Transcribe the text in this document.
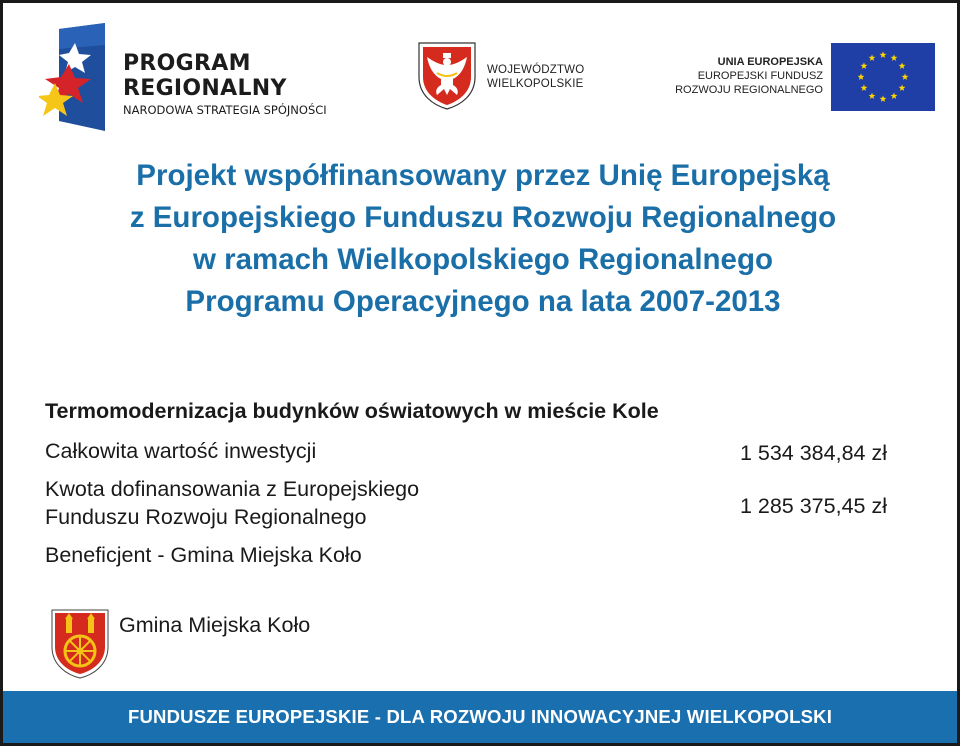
PROGRAM
REGIONALNY
NARODOWA STRATEGIA SPÓJNOŚCI
WOJEWÓDZTWO
WIELKOPOLSKIE
UNIA EUROPEJSKA
EUROPEJSKI FUNDUSZ
ROZWOJU REGIONALNEGO
Projekt współfinansowany przez Unię Europejską
z Europejskiego Funduszu Rozwoju Regionalnego
w ramach Wielkopolskiego Regionalnego
Programu Operacyjnego na lata 2007-2013
Termomodernizacja budynków oświatowych w mieście Kole
Całkowita wartość inwestycji	1 534 384,84 zł
Kwota dofinansowania z Europejskiego
Funduszu Rozwoju Regionalnego	1 285 375,45 zł
Beneficjent - Gmina Miejska Koło
Gmina Miejska Koło
FUNDUSZE EUROPEJSKIE - DLA ROZWOJU INNOWACYJNEJ WIELKOPOLSKI
